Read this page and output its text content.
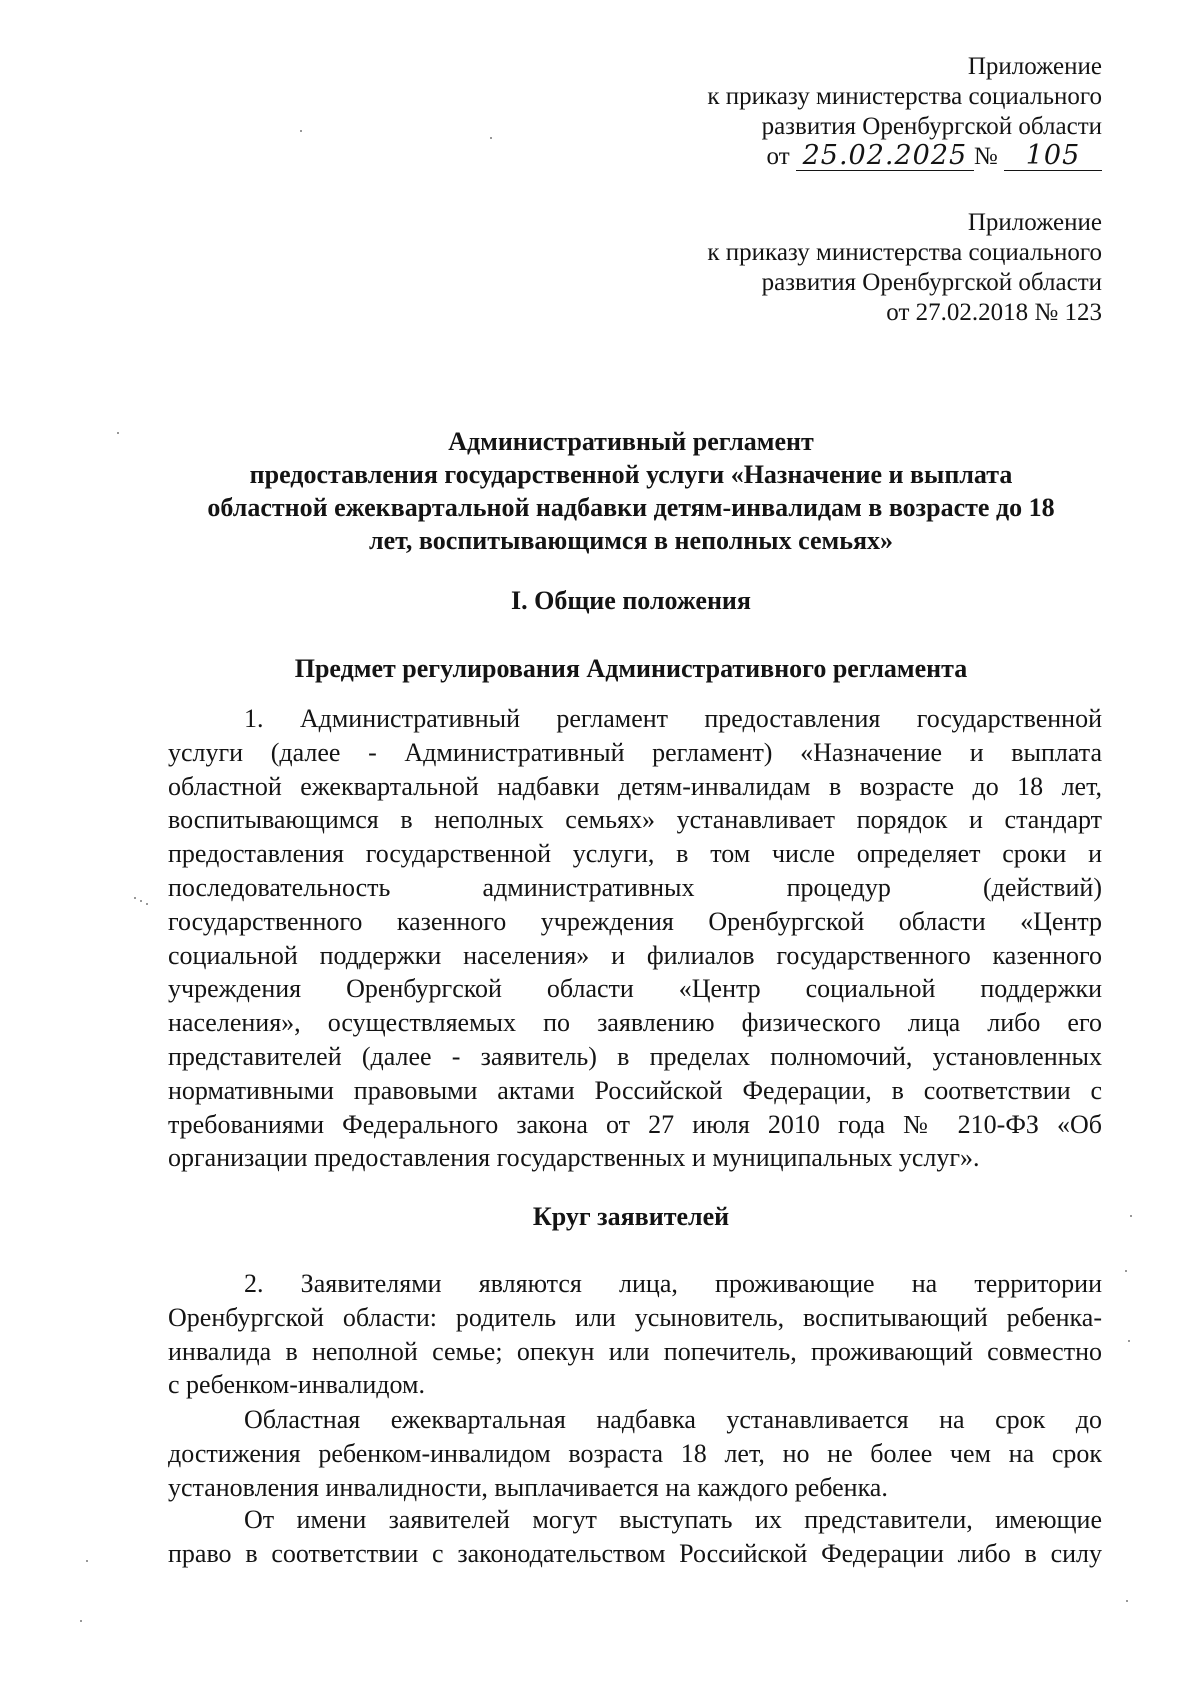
Приложение
к приказу министерства социального
развития Оренбургской области
от 25.02.2025 № 105
Приложение
к приказу министерства социального
развития Оренбургской области
от 27.02.2018 № 123
Административный регламент
предоставления государственной услуги «Назначение и выплата
областной ежеквартальной надбавки детям-инвалидам в возрасте до 18
лет, воспитывающимся в неполных семьях»
I. Общие положения
Предмет регулирования Административного регламента
1. Административный регламент предоставления государственной
услуги (далее - Административный регламент) «Назначение и выплата
областной ежеквартальной надбавки детям-инвалидам в возрасте до 18 лет,
воспитывающимся в неполных семьях» устанавливает порядок и стандарт
предоставления государственной услуги, в том числе определяет сроки и
последовательность административных процедур (действий)
государственного казенного учреждения Оренбургской области «Центр
социальной поддержки населения» и филиалов государственного казенного
учреждения Оренбургской области «Центр социальной поддержки
населения», осуществляемых по заявлению физического лица либо его
представителей (далее - заявитель) в пределах полномочий, установленных
нормативными правовыми актами Российской Федерации, в соответствии с
требованиями Федерального закона от 27 июля 2010 года № 210-ФЗ «Об
организации предоставления государственных и муниципальных услуг».
Круг заявителей
2. Заявителями являются лица, проживающие на территории
Оренбургской области: родитель или усыновитель, воспитывающий ребенка-
инвалида в неполной семье; опекун или попечитель, проживающий совместно
с ребенком-инвалидом.
Областная ежеквартальная надбавка устанавливается на срок до
достижения ребенком-инвалидом возраста 18 лет, но не более чем на срок
установления инвалидности, выплачивается на каждого ребенка.
От имени заявителей могут выступать их представители, имеющие
право в соответствии с законодательством Российской Федерации либо в силу
